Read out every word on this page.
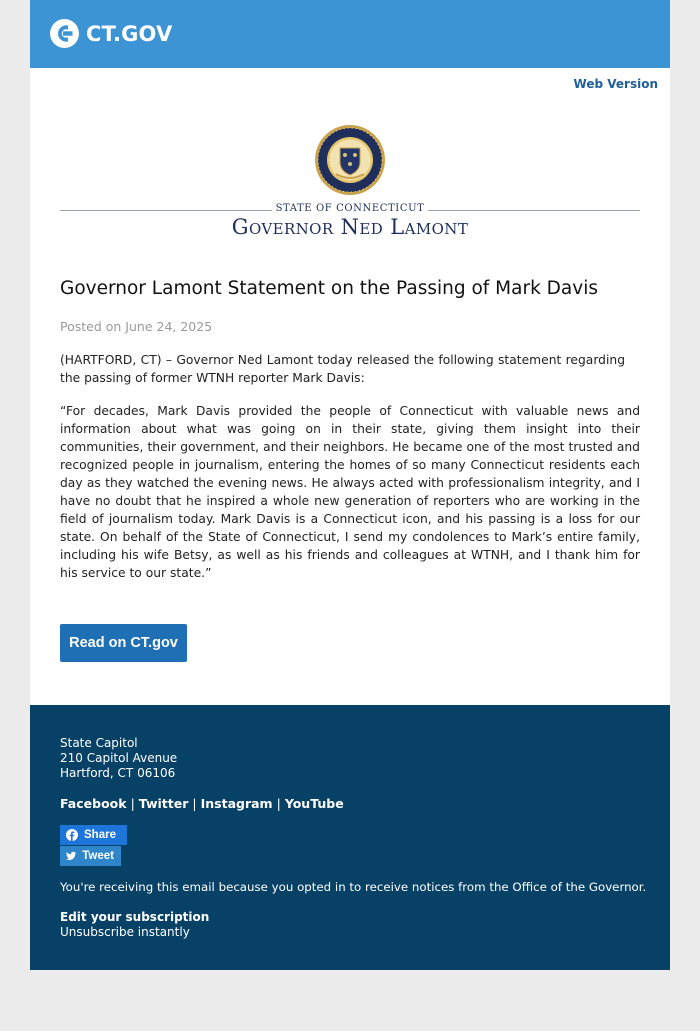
CT.GOV
Web Version
STATE OF CONNECTICUT
Governor Ned Lamont
Governor Lamont Statement on the Passing of Mark Davis
Posted on June 24, 2025

(HARTFORD, CT) – Governor Ned Lamont today released the following statement regarding the passing of former WTNH reporter Mark Davis:

“For decades, Mark Davis provided the people of Connecticut with valuable news and information about what was going on in their state, giving them insight into their communities, their government, and their neighbors. He became one of the most trusted and recognized people in journalism, entering the homes of so many Connecticut residents each day as they watched the evening news. He always acted with professionalism integrity, and I have no doubt that he inspired a whole new generation of reporters who are working in the field of journalism today. Mark Davis is a Connecticut icon, and his passing is a loss for our state. On behalf of the State of Connecticut, I send my condolences to Mark’s entire family, including his wife Betsy, as well as his friends and colleagues at WTNH, and I thank him for his service to our state.”

Read on CT.gov
State Capitol
210 Capitol Avenue
Hartford, CT 06106
Facebook | Twitter | Instagram | YouTube
Share
Tweet
You're receiving this email because you opted in to receive notices from the Office of the Governor.
Edit your subscription
Unsubscribe instantly
